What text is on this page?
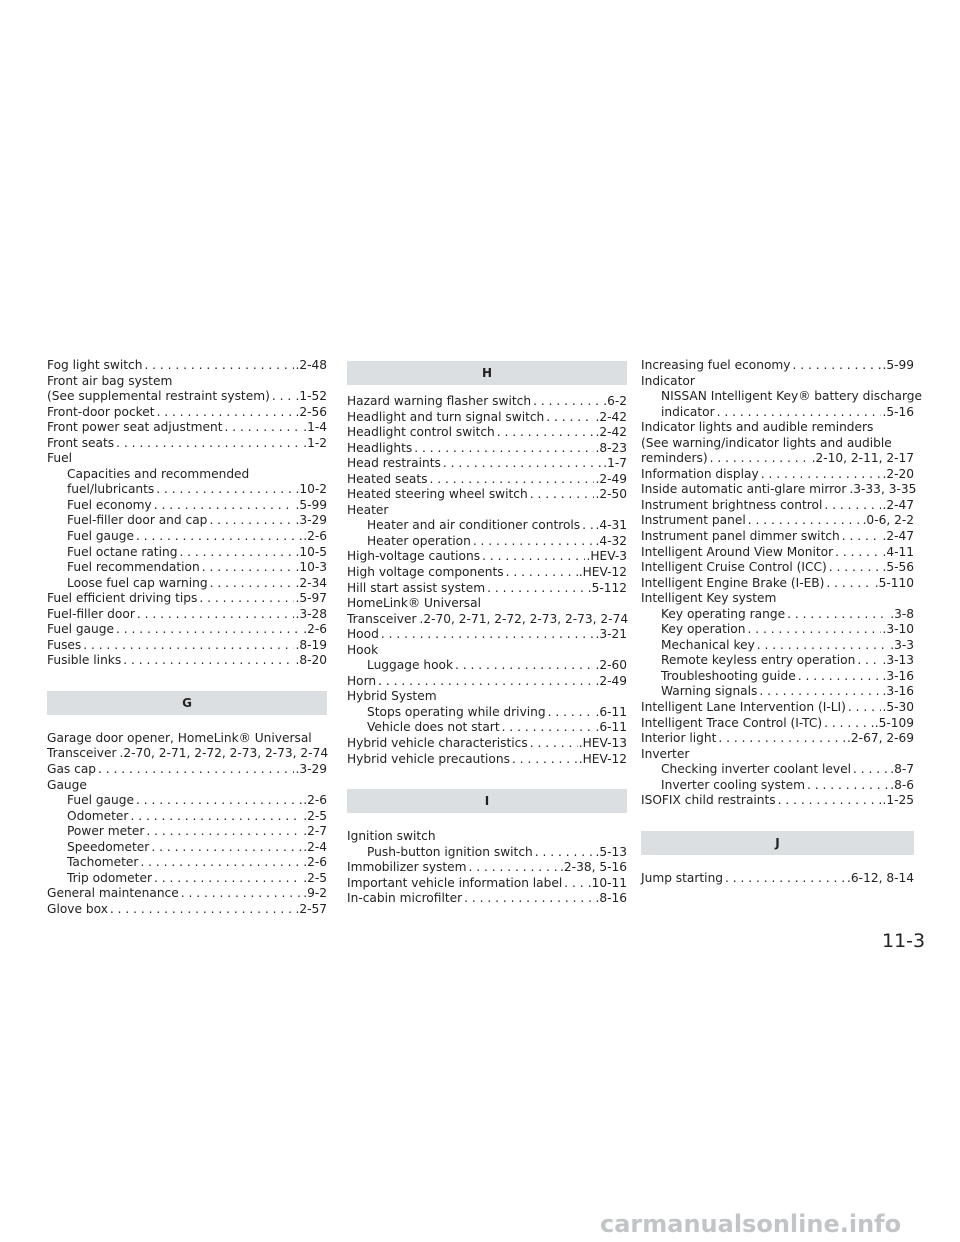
Fog light switch . . .	.2-48
Front air bag system
(See supplemental restraint system) . . . .1-52
Front-door pocket . . .	.2-56
Front power seat adjustment . . .	.1-4
Front seats . . .	.1-2
Fuel
Capacities and recommended
fuel/lubricants . . .	.10-2
Fuel economy . . .	.5-99
Fuel-filler door and cap . . .	.3-29
Fuel gauge . . .	.2-6
Fuel octane rating . . .	.10-5
Fuel recommendation . . .	.10-3
Loose fuel cap warning . . .	.2-34
Fuel efficient driving tips . . .	.5-97
Fuel-filler door . . .	.3-28
Fuel gauge . . .	.2-6
Fuses . . .	.8-19
Fusible links . . .	.8-20
G
Garage door opener, HomeLink® Universal
Transceiver .2-70, 2-71, 2-72, 2-73, 2-73, 2-74
Gas cap . . .	.3-29
Gauge
Fuel gauge . . .	.2-6
Odometer . . .	.2-5
Power meter . . .	.2-7
Speedometer . . .	.2-4
Tachometer . . .	.2-6
Trip odometer . . .	.2-5
General maintenance . . .	.9-2
Glove box . . .	.2-57
H
Hazard warning flasher switch . . .	.6-2
Headlight and turn signal switch . . .	.2-42
Headlight control switch . . .	.2-42
Headlights . . .	.8-23
Head restraints . . .	.1-7
Heated seats . . .	.2-49
Heated steering wheel switch . . .	.2-50
Heater
Heater and air conditioner controls . . . .4-31
Heater operation . . .	.4-32
High-voltage cautions . . .	.HEV-3
High voltage components . . .	.HEV-12
Hill start assist system . . .	.5-112
HomeLink® Universal
Transceiver .2-70, 2-71, 2-72, 2-73, 2-73, 2-74
Hood . . .	.3-21
Hook
Luggage hook . . .	.2-60
Horn . . .	.2-49
Hybrid System
Stops operating while driving . . .	.6-11
Vehicle does not start . . .	.6-11
Hybrid vehicle characteristics . . .	.HEV-13
Hybrid vehicle precautions . . .	.HEV-12
I
Ignition switch
Push-button ignition switch . . .	.5-13
Immobilizer system . . .	.2-38, 5-16
Important vehicle information label . . . .10-11
In-cabin microfilter . . .	.8-16
Increasing fuel economy . . .	.5-99
Indicator
NISSAN Intelligent Key® battery discharge
indicator . . .	.5-16
Indicator lights and audible reminders
(See warning/indicator lights and audible
reminders) . . .	.2-10, 2-11, 2-17
Information display . . .	.2-20
Inside automatic anti-glare mirror .3-33, 3-35
Instrument brightness control . . .	.2-47
Instrument panel . . .	.0-6, 2-2
Instrument panel dimmer switch . . .	.2-47
Intelligent Around View Monitor . . .	.4-11
Intelligent Cruise Control (ICC) . . .	.5-56
Intelligent Engine Brake (I-EB) . . .	.5-110
Intelligent Key system
Key operating range . . .	.3-8
Key operation . . .	.3-10
Mechanical key . . .	.3-3
Remote keyless entry operation . . . .3-13
Troubleshooting guide . . .	.3-16
Warning signals . . .	.3-16
Intelligent Lane Intervention (I-LI) . . .	.5-30
Intelligent Trace Control (I-TC) . . .	.5-109
Interior light . . .	.2-67, 2-69
Inverter
Checking inverter coolant level . . .	.8-7
Inverter cooling system . . .	.8-6
ISOFIX child restraints . . .	.1-25
J
Jump starting . . .	.6-12, 8-14
11-3
carmanualsonline.info
